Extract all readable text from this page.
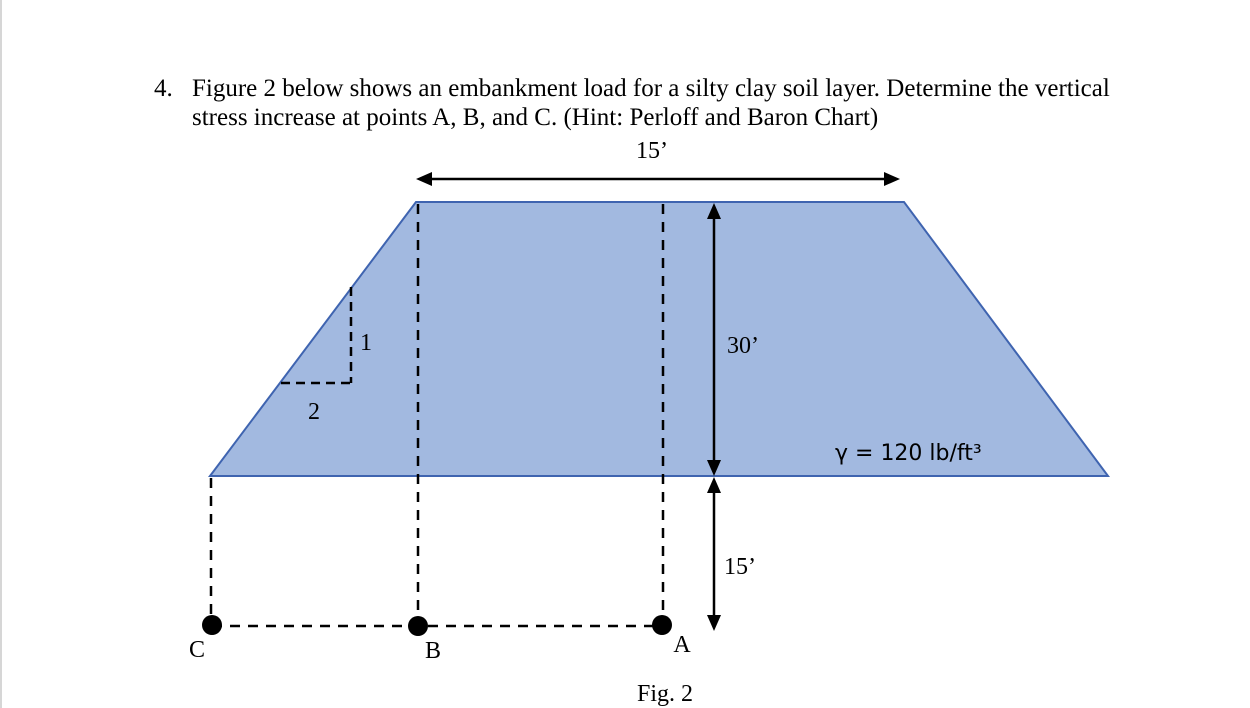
4. Figure 2 below shows an embankment load for a silty clay soil layer. Determine the vertical
stress increase at points A, B, and C. (Hint: Perloff and Baron Chart)
15’
30’
15’
1
2
C	B	A
γ = 120 lb/ft³
Fig. 2
